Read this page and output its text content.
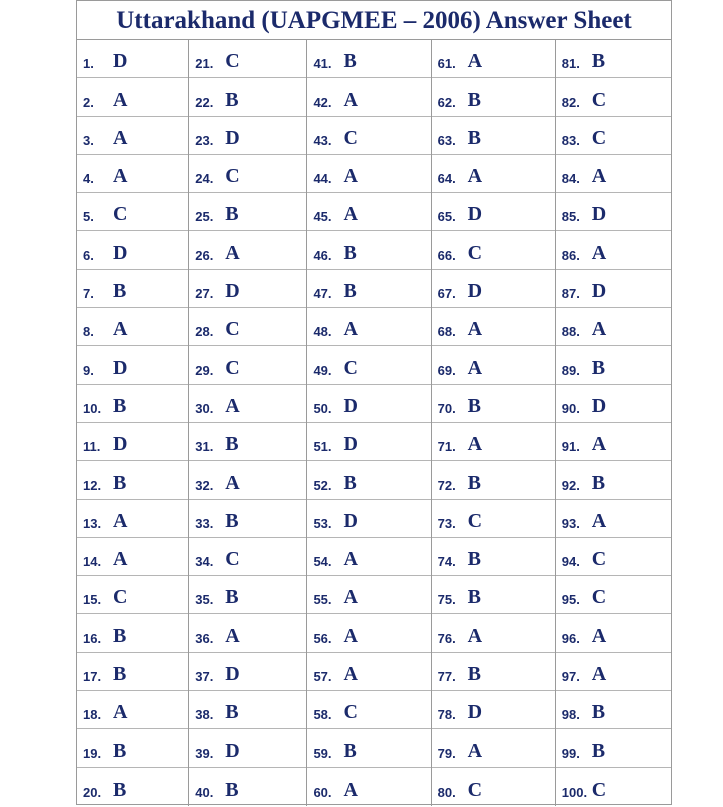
Uttarakhand (UAPGMEE – 2006) Answer Sheet
1. D
2. A
3. A
4. A
5. C
6. D
7. B
8. A
9. D
10. B
11. D
12. B
13. A
14. A
15. C
16. B
17. B
18. A
19. B
20. B
21. C
22. B
23. D
24. C
25. B
26. A
27. D
28. C
29. C
30. A
31. B
32. A
33. B
34. C
35. B
36. A
37. D
38. B
39. D
40. B
41. B
42. A
43. C
44. A
45. A
46. B
47. B
48. A
49. C
50. D
51. D
52. B
53. D
54. A
55. A
56. A
57. A
58. C
59. B
60. A
61. A
62. B
63. B
64. A
65. D
66. C
67. D
68. A
69. A
70. B
71. A
72. B
73. C
74. B
75. B
76. A
77. B
78. D
79. A
80. C
81. B
82. C
83. C
84. A
85. D
86. A
87. D
88. A
89. B
90. D
91. A
92. B
93. A
94. C
95. C
96. A
97. A
98. B
99. B
100. C
